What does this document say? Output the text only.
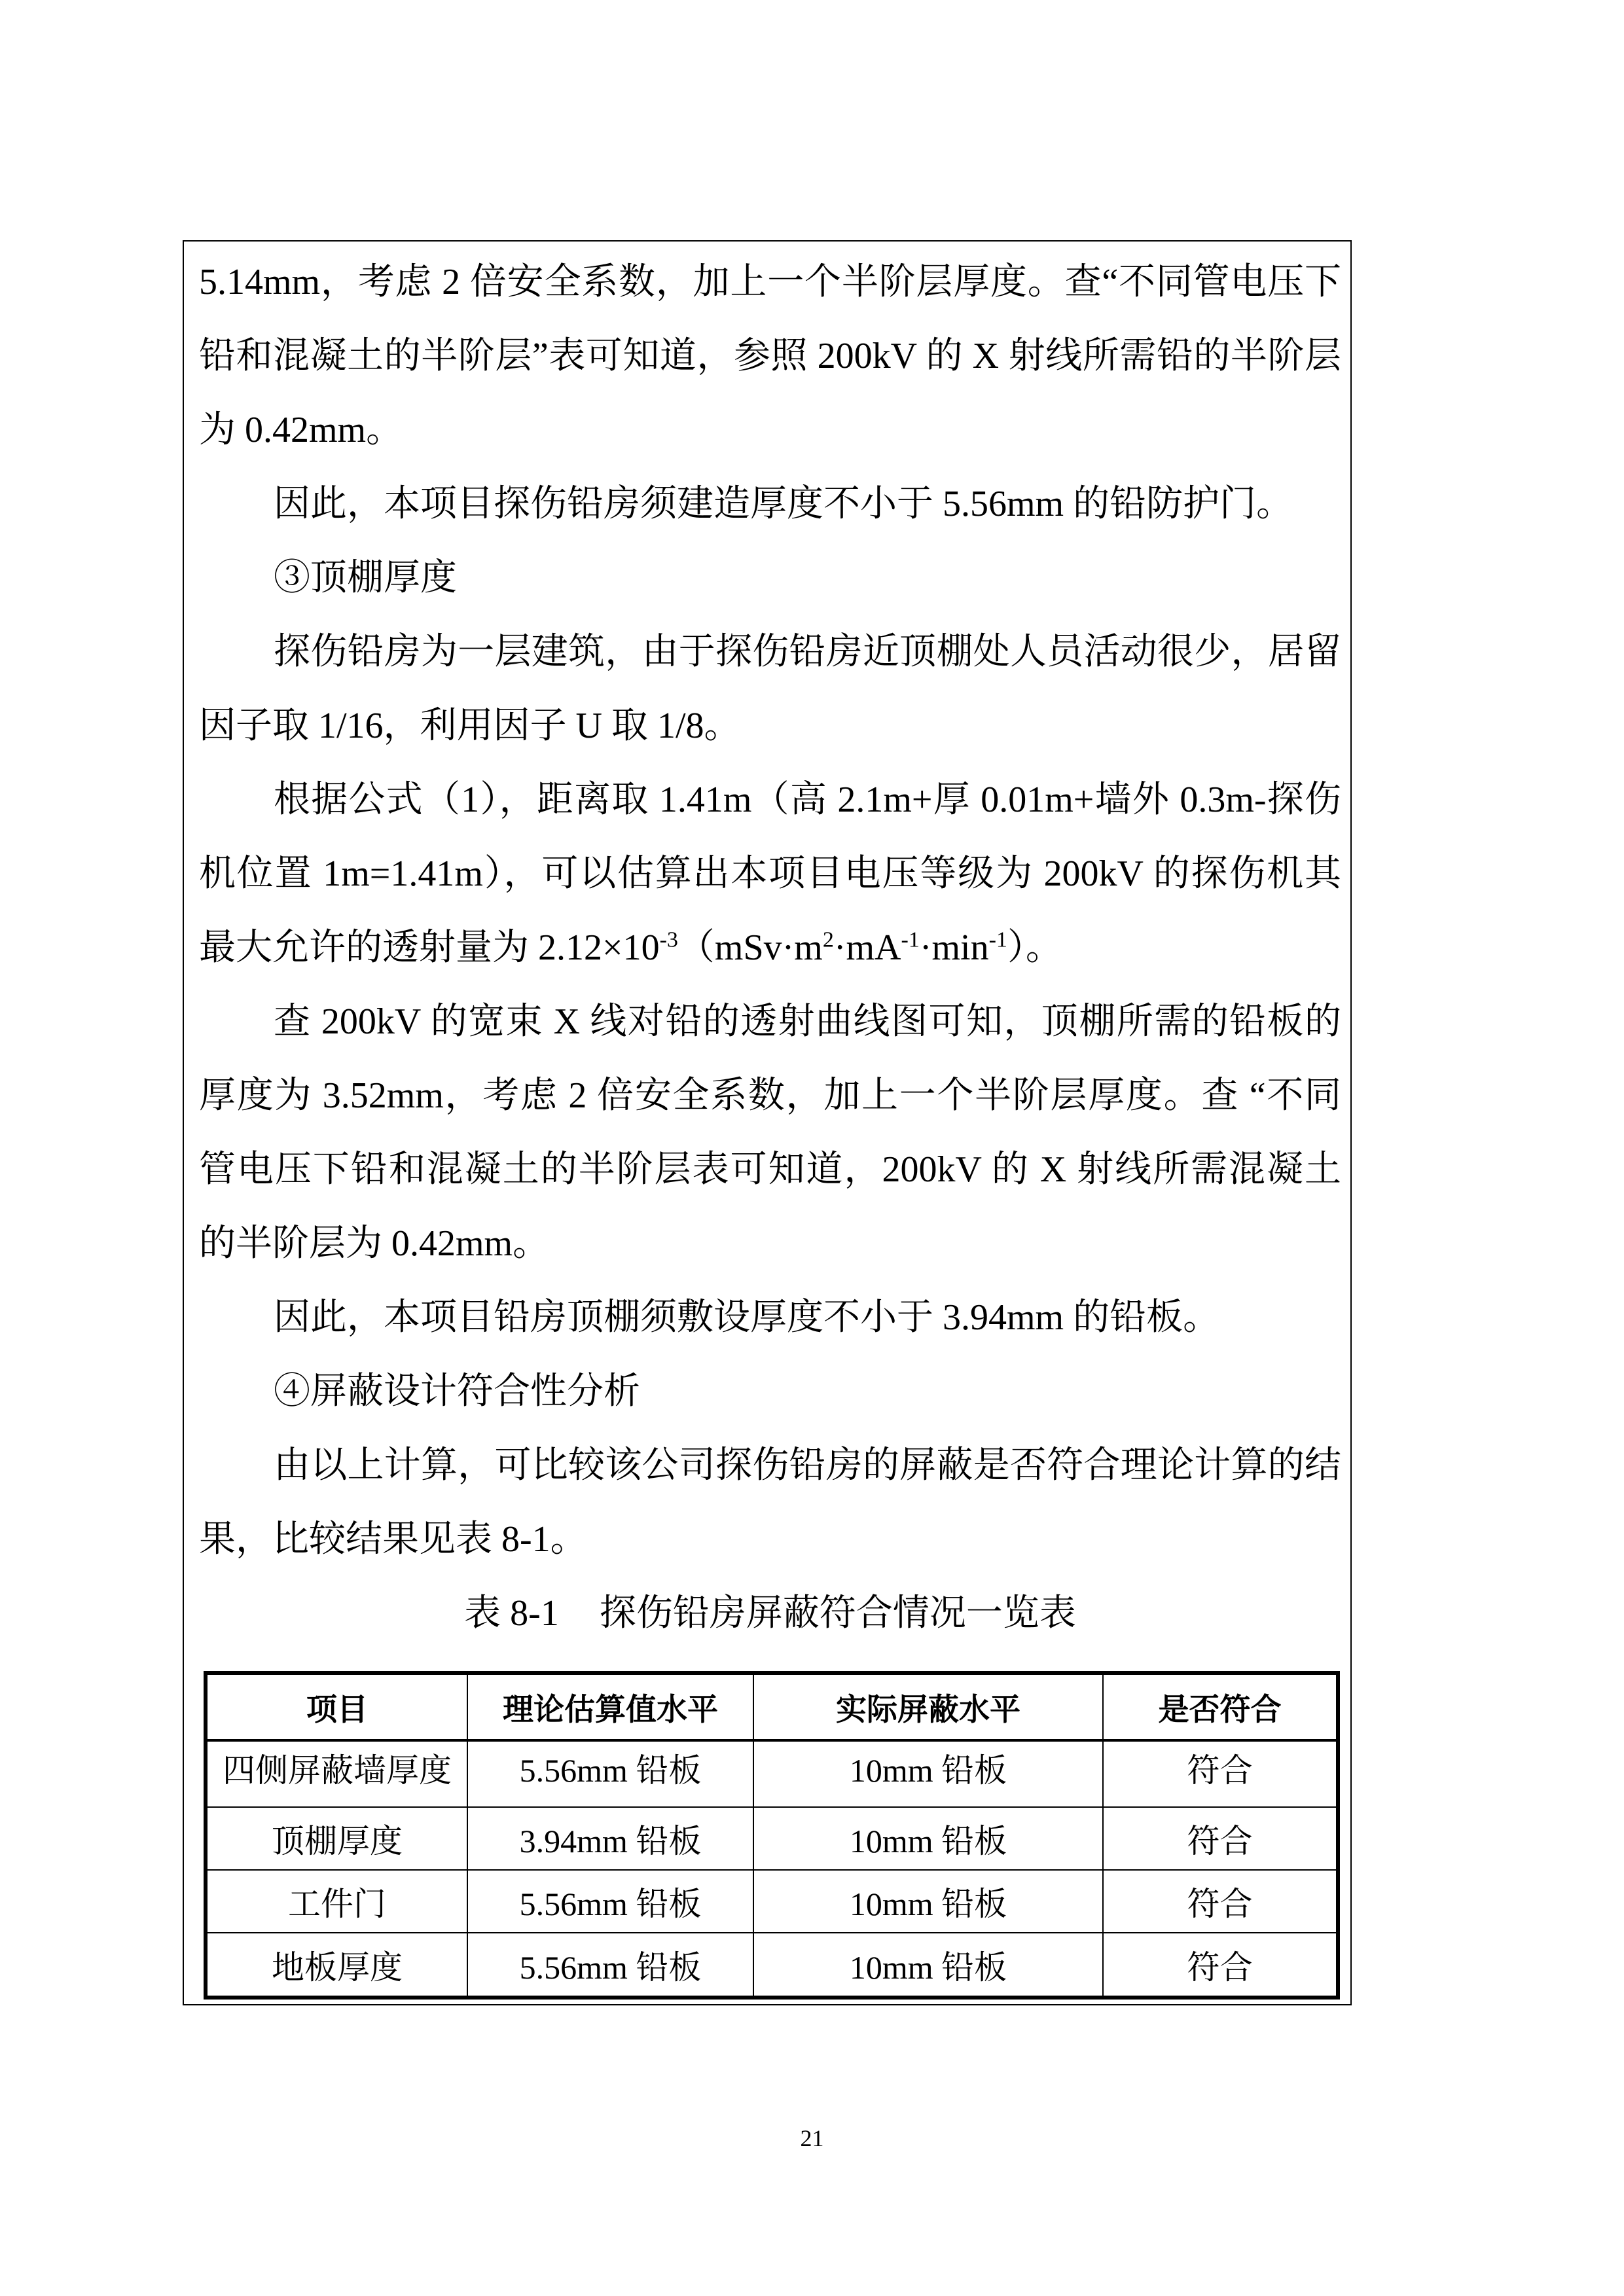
5.14mm，考虑 2 倍安全系数，加上一个半阶层厚度。查“不同管电压下铅和混凝土的半阶层”表可知道，参照 200kV 的 X 射线所需铅的半阶层为 0.42mm。

因此，本项目探伤铅房须建造厚度不小于 5.56mm 的铅防护门。

③顶棚厚度

探伤铅房为一层建筑，由于探伤铅房近顶棚处人员活动很少，居留因子取 1/16，利用因子 U 取 1/8。

根据公式（1），距离取 1.41m（高 2.1m+厚 0.01m+墙外 0.3m-探伤机位置 1m=1.41m），可以估算出本项目电压等级为 200kV 的探伤机其最大允许的透射量为 $2.12\times 10^{-3}(mSv\cdot m^2\cdot mA^{-1}\cdot\min^{-1})$。

查 200kV 的宽束 X 线对铅的透射曲线图可知，顶棚所需的铅板的厚度为 3.52mm，考虑 2 倍安全系数，加上一个半阶层厚度。查 “不同管电压下铅和混凝土的半阶层表可知道，200kV 的 X 射线所需混凝土的半阶层为 0.42mm。

因此，本项目铅房顶棚须敷设厚度不小于 3.94mm 的铅板。

④屏蔽设计符合性分析

由以上计算，可比较该公司探伤铅房的屏蔽是否符合理论计算的结果，比较结果见表 8-1。

表 8-1 探伤铅房屏蔽符合情况一览表
项目	理论估算值水平	实际屏蔽水平	是否符合
四侧屏蔽墙厚度	5.56mm 铅板	10mm 铅板	符合
顶棚厚度	3.94mm 铅板	10mm 铅板	符合
工件门	5.56mm 铅板	10mm 铅板	符合
地板厚度	5.56mm 铅板	10mm 铅板	符合
21
